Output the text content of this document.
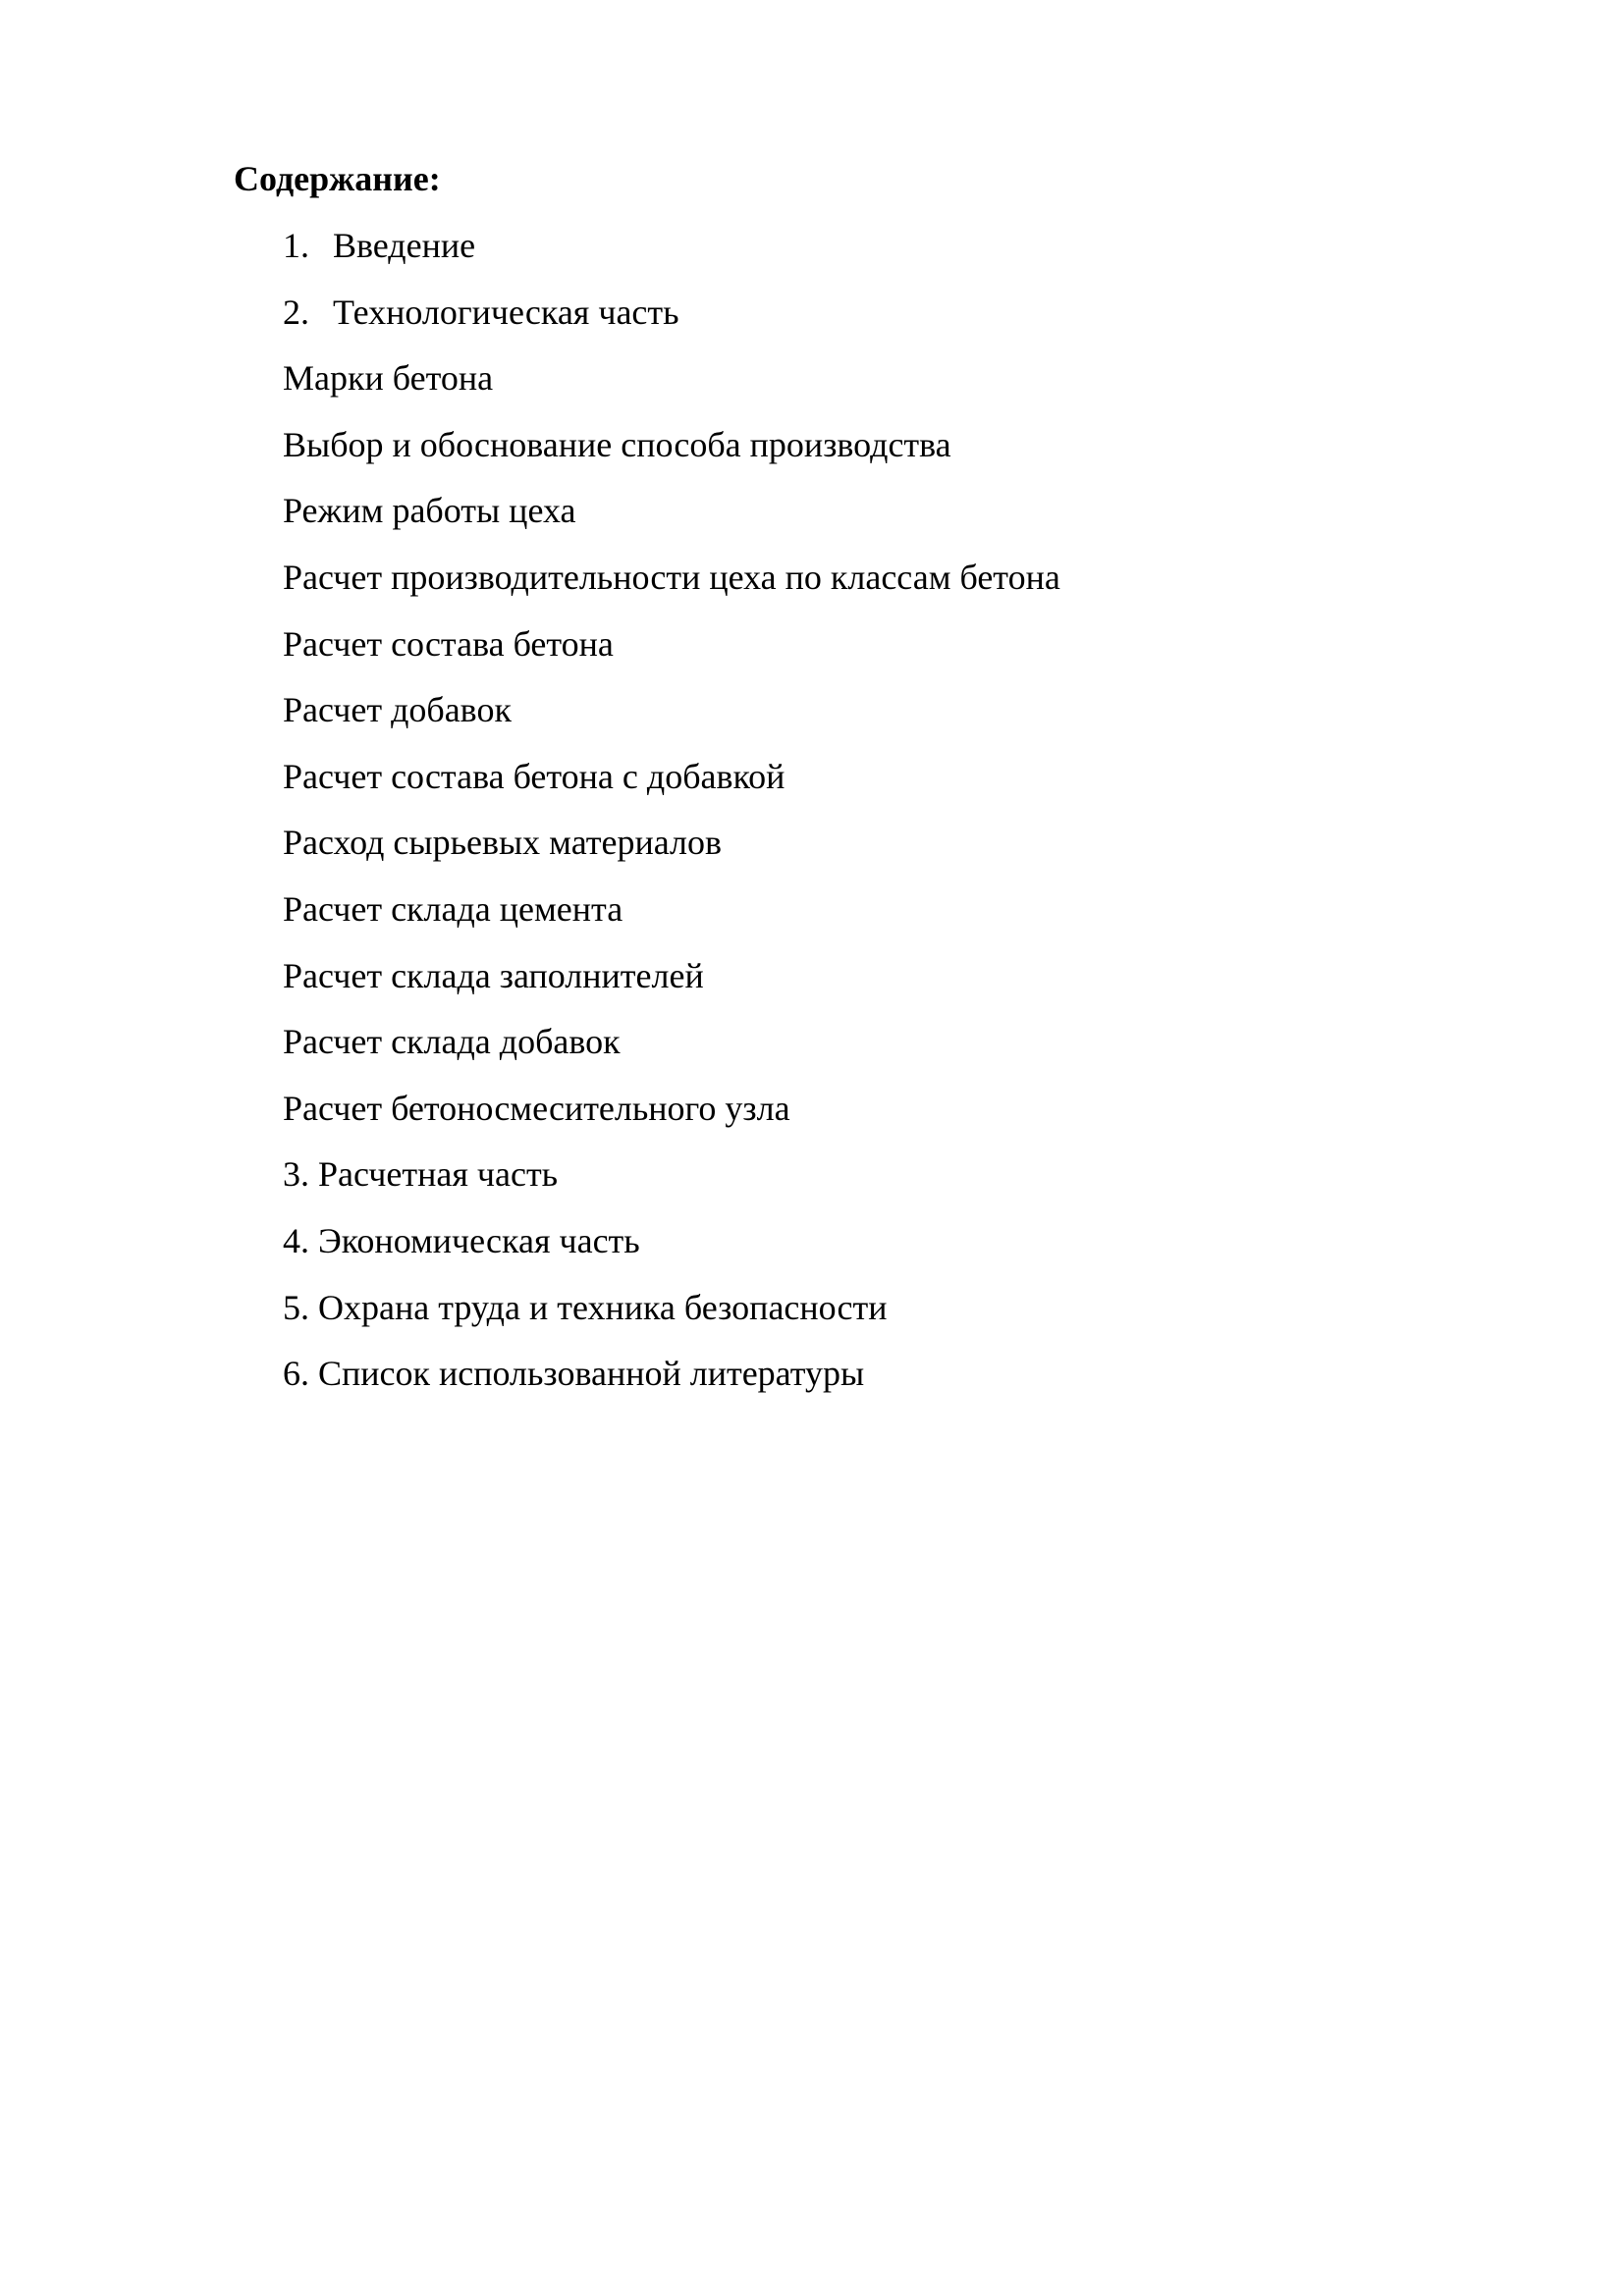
Содержание:
1. Введение
2. Технологическая часть
Марки бетона
Выбор и обоснование способа производства
Режим работы цеха
Расчет производительности цеха по классам бетона
Расчет состава бетона
Расчет добавок
Расчет состава бетона с добавкой
Расход сырьевых материалов
Расчет склада цемента
Расчет склада заполнителей
Расчет склада добавок
Расчет бетоносмесительного узла
3. Расчетная часть
4. Экономическая часть
5. Охрана труда и техника безопасности
6. Список использованной литературы
